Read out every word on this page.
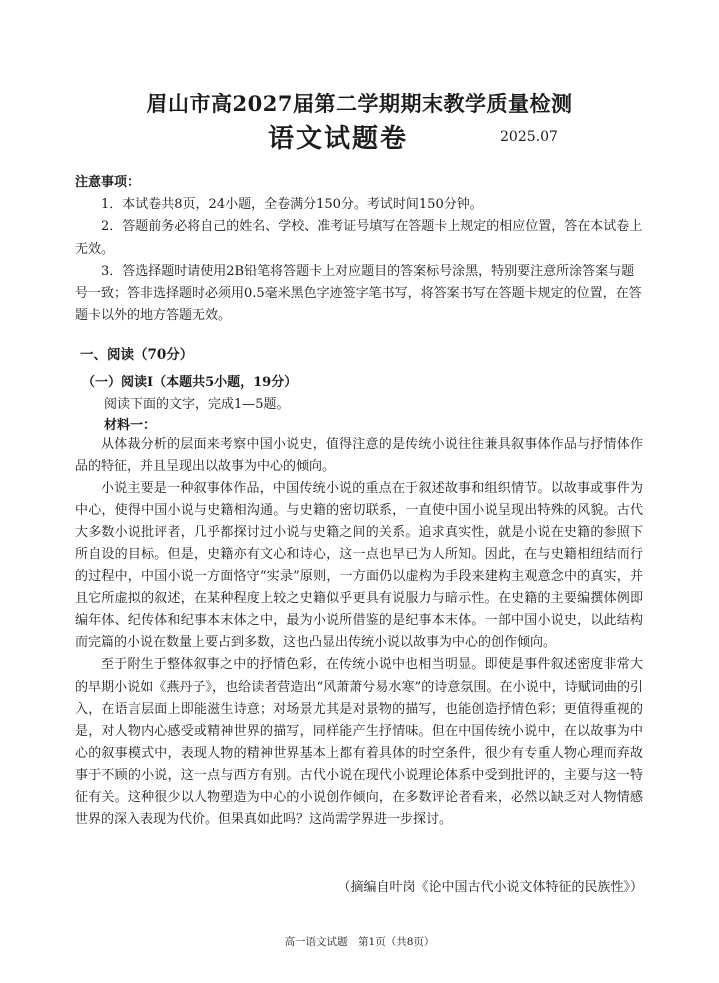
眉山市高2027届第二学期期末教学质量检测
语文试题卷	2025.07
注意事项：
1．本试卷共8页，24小题，全卷满分150分。考试时间150分钟。
2．答题前务必将自己的姓名、学校、准考证号填写在答题卡上规定的相应位置，答在本试卷上无效。
3．答选择题时请使用2B铅笔将答题卡上对应题目的答案标号涂黑，特别要注意所涂答案与题号一致；答非选择题时必须用0.5毫米黑色字迹签字笔书写，将答案书写在答题卡规定的位置，在答题卡以外的地方答题无效。
一、阅读（70分）
（一）阅读Ⅰ（本题共5小题，19分）
阅读下面的文字，完成1—5题。
材料一：

从体裁分析的层面来考察中国小说史，值得注意的是传统小说往往兼具叙事体作品与抒情体作品的特征，并且呈现出以故事为中心的倾向。

小说主要是一种叙事体作品，中国传统小说的重点在于叙述故事和组织情节。以故事或事件为中心，使得中国小说与史籍相沟通。与史籍的密切联系，一直使中国小说呈现出特殊的风貌。古代大多数小说批评者，几乎都探讨过小说与史籍之间的关系。追求真实性，就是小说在史籍的参照下所自设的目标。但是，史籍亦有文心和诗心，这一点也早已为人所知。因此，在与史籍相纽结而行的过程中，中国小说一方面恪守“实录”原则，一方面仍以虚构为手段来建构主观意念中的真实，并且它所虚拟的叙述，在某种程度上较之史籍似乎更具有说服力与暗示性。在史籍的主要编撰体例即编年体、纪传体和纪事本末体之中，最为小说所借鉴的是纪事本末体。一部中国小说史，以此结构而完篇的小说在数量上要占到多数，这也凸显出传统小说以故事为中心的创作倾向。

至于附生于整体叙事之中的抒情色彩，在传统小说中也相当明显。即使是事件叙述密度非常大的早期小说如《燕丹子》，也给读者营造出“风萧萧兮易水寒”的诗意氛围。在小说中，诗赋词曲的引入，在语言层面上即能滋生诗意；对场景尤其是对景物的描写，也能创造抒情色彩；更值得重视的是，对人物内心感受或精神世界的描写，同样能产生抒情味。但在中国传统小说中，在以故事为中心的叙事模式中，表现人物的精神世界基本上都有着具体的时空条件，很少有专重人物心理而弃故事于不顾的小说，这一点与西方有别。古代小说在现代小说理论体系中受到批评的，主要与这一特征有关。这种很少以人物塑造为中心的小说创作倾向，在多数评论者看来，必然以缺乏对人物情感世界的深入表现为代价。但果真如此吗？这尚需学界进一步探讨。

（摘编自叶岗《论中国古代小说文体特征的民族性》）
高一语文试题　第1页（共8页）
